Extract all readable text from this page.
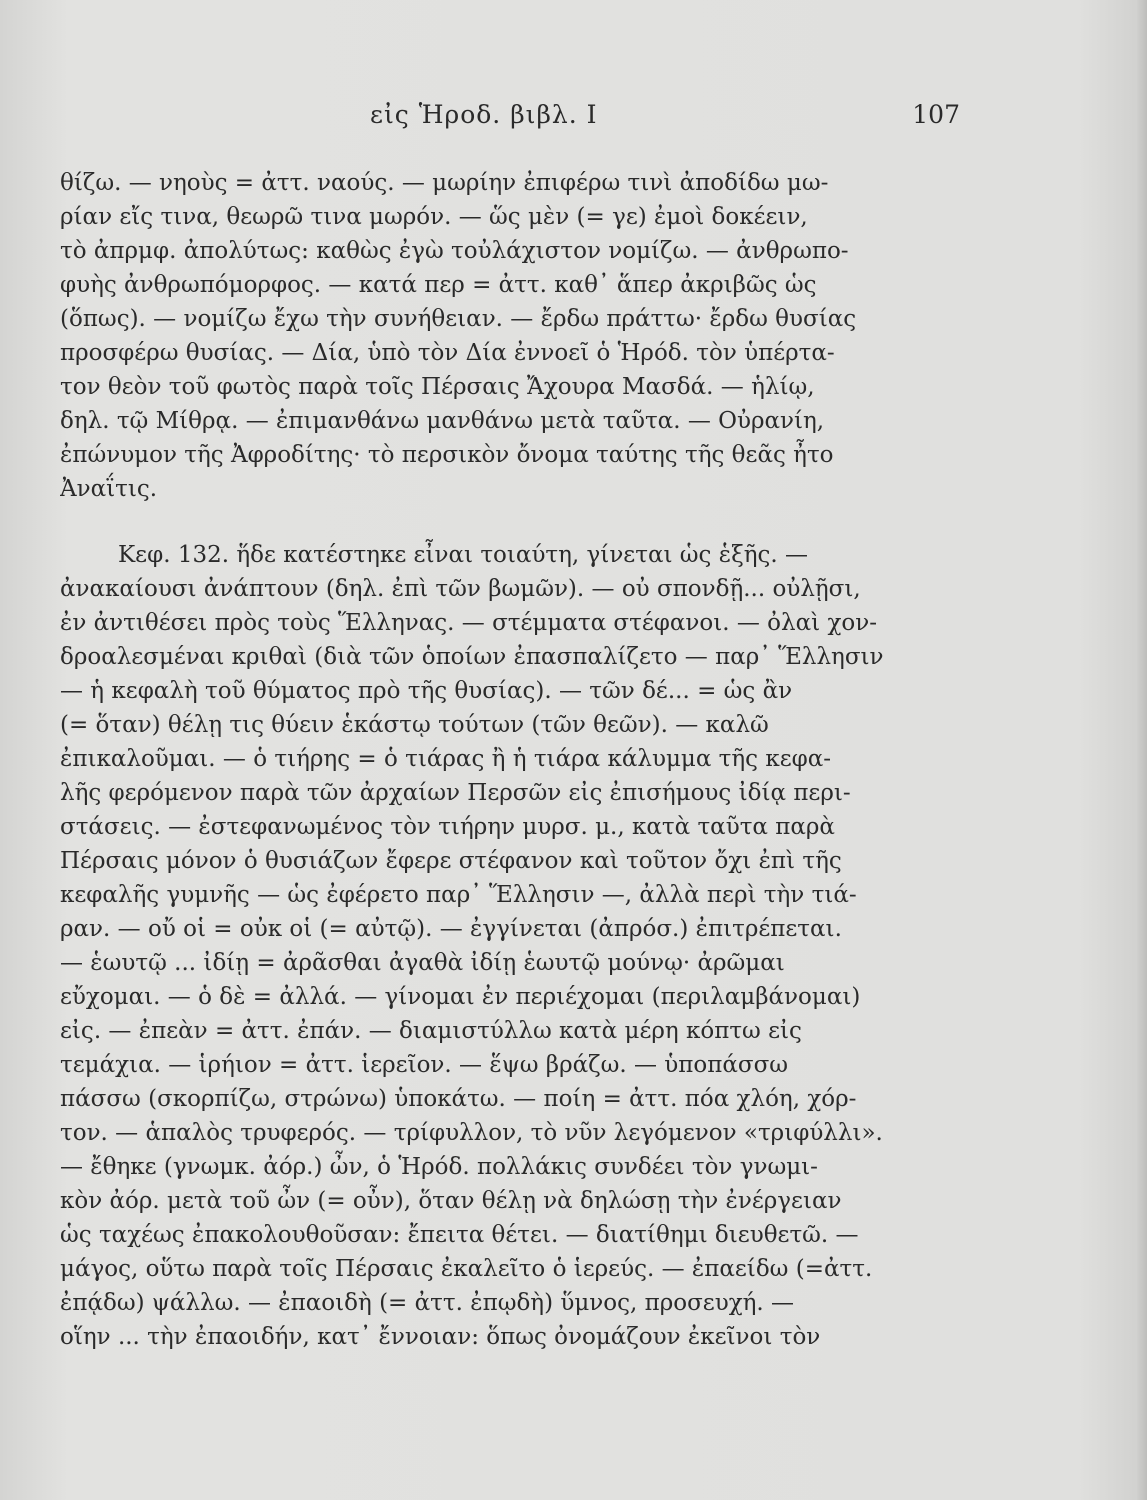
εἰς Ἡροδ. βιβλ. I	107
θίζω. — νηοὺς = ἀττ. ναούς. — μωρίην ἐπιφέρω τινὶ ἀποδίδω μω-
ρίαν εἴς τινα, θεωρῶ τινα μωρόν. — ὥς μὲν (= γε) ἐμοὶ δοκέειν,
τὸ ἀπρμφ. ἀπολύτως: καθὼς ἐγὼ τοὐλάχιστον νομίζω. — ἀνθρωπο-
φυὴς ἀνθρωπόμορφος. — κατά περ = ἀττ. καθ᾽ ἅπερ ἀκριβῶς ὡς
(ὅπως). — νομίζω ἔχω τὴν συνήθειαν. — ἔρδω πράττω· ἔρδω θυσίας
προσφέρω θυσίας. — Δία, ὑπὸ τὸν Δία ἐννοεῖ ὁ Ἡρόδ. τὸν ὑπέρτα-
τον θεὸν τοῦ φωτὸς παρὰ τοῖς Πέρσαις Ἄχουρα Μασδά. — ἡλίῳ,
δηλ. τῷ Μίθρᾳ. — ἐπιμανθάνω μανθάνω μετὰ ταῦτα. — Οὐρανίη,
ἐπώνυμον τῆς Ἀφροδίτης· τὸ περσικὸν ὄνομα ταύτης τῆς θεᾶς ἦτο
Ἀναΐτις.
Κεφ. 132. ἥδε κατέστηκε εἶναι τοιαύτη, γίνεται ὡς ἑξῆς. —
ἀνακαίουσι ἀνάπτουν (δηλ. ἐπὶ τῶν βωμῶν). — οὐ σπονδῇ... οὐλῇσι,
ἐν ἀντιθέσει πρὸς τοὺς Ἕλληνας. — στέμματα στέφανοι. — ὀλαὶ χον-
δροαλεσμέναι κριθαὶ (διὰ τῶν ὁποίων ἐπασπαλίζετο — παρ᾽ Ἕλλησιν
— ἡ κεφαλὴ τοῦ θύματος πρὸ τῆς θυσίας). — τῶν δέ... = ὡς ἂν
(= ὅταν) θέλῃ τις θύειν ἑκάστῳ τούτων (τῶν θεῶν). — καλῶ
ἐπικαλοῦμαι. — ὁ τιήρης = ὁ τιάρας ἢ ἡ τιάρα κάλυμμα τῆς κεφα-
λῆς φερόμενον παρὰ τῶν ἀρχαίων Περσῶν εἰς ἐπισήμους ἰδίᾳ περι-
στάσεις. — ἐστεφανωμένος τὸν τιήρην μυρσ. μ., κατὰ ταῦτα παρὰ
Πέρσαις μόνον ὁ θυσιάζων ἔφερε στέφανον καὶ τοῦτον ὄχι ἐπὶ τῆς
κεφαλῆς γυμνῆς — ὡς ἐφέρετο παρ᾽ Ἕλλησιν —, ἀλλὰ περὶ τὴν τιά-
ραν. — οὔ οἱ = οὐκ οἱ (= αὐτῷ). — ἐγγίνεται (ἀπρόσ.) ἐπιτρέπεται.
— ἑωυτῷ ... ἰδίῃ = ἀρᾶσθαι ἀγαθὰ ἰδίῃ ἑωυτῷ μούνῳ· ἀρῶμαι
εὔχομαι. — ὁ δὲ = ἀλλά. — γίνομαι ἐν περιέχομαι (περιλαμβάνομαι)
εἰς. — ἐπεὰν = ἀττ. ἐπάν. — διαμιστύλλω κατὰ μέρη κόπτω εἰς
τεμάχια. — ἱρήιον = ἀττ. ἱερεῖον. — ἕψω βράζω. — ὑποπάσσω
πάσσω (σκορπίζω, στρώνω) ὑποκάτω. — ποίη = ἀττ. πόα χλόη, χόρ-
τον. — ἁπαλὸς τρυφερός. — τρίφυλλον, τὸ νῦν λεγόμενον «τριφύλλι».
— ἔθηκε (γνωμκ. ἀόρ.) ὦν, ὁ Ἡρόδ. πολλάκις συνδέει τὸν γνωμι-
κὸν ἀόρ. μετὰ τοῦ ὦν (= οὖν), ὅταν θέλῃ νὰ δηλώσῃ τὴν ἐνέργειαν
ὡς ταχέως ἐπακολουθοῦσαν: ἔπειτα θέτει. — διατίθημι διευθετῶ. —
μάγος, οὕτω παρὰ τοῖς Πέρσαις ἐκαλεῖτο ὁ ἱερεύς. — ἐπαείδω (=ἀττ.
ἐπᾴδω) ψάλλω. — ἐπαοιδὴ (= ἀττ. ἐπῳδὴ) ὕμνος, προσευχή. —
οἵην ... τὴν ἐπαοιδήν, κατ᾽ ἔννοιαν: ὅπως ὀνομάζουν ἐκεῖνοι τὸν
